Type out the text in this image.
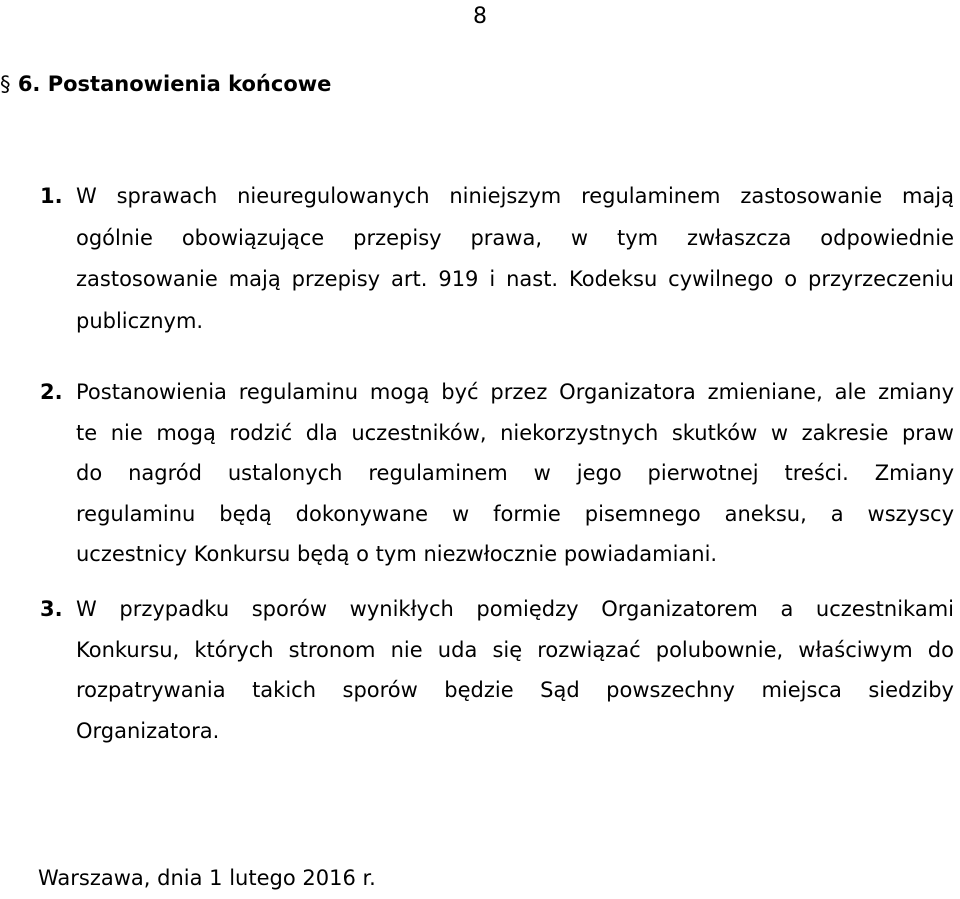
8
§ 6. Postanowienia końcowe
1. W sprawach nieuregulowanych niniejszym regulaminem zastosowanie mają
ogólnie obowiązujące przepisy prawa, w tym zwłaszcza odpowiednie
zastosowanie mają przepisy art. 919 i nast. Kodeksu cywilnego o przyrzeczeniu
publicznym.
2. Postanowienia regulaminu mogą być przez Organizatora zmieniane, ale zmiany
te nie mogą rodzić dla uczestników, niekorzystnych skutków w zakresie praw
do nagród ustalonych regulaminem w jego pierwotnej treści. Zmiany
regulaminu będą dokonywane w formie pisemnego aneksu, a wszyscy
uczestnicy Konkursu będą o tym niezwłocznie powiadamiani.
3. W przypadku sporów wynikłych pomiędzy Organizatorem a uczestnikami
Konkursu, których stronom nie uda się rozwiązać polubownie, właściwym do
rozpatrywania takich sporów będzie Sąd powszechny miejsca siedziby
Organizatora.
Warszawa, dnia 1 lutego 2016 r.
